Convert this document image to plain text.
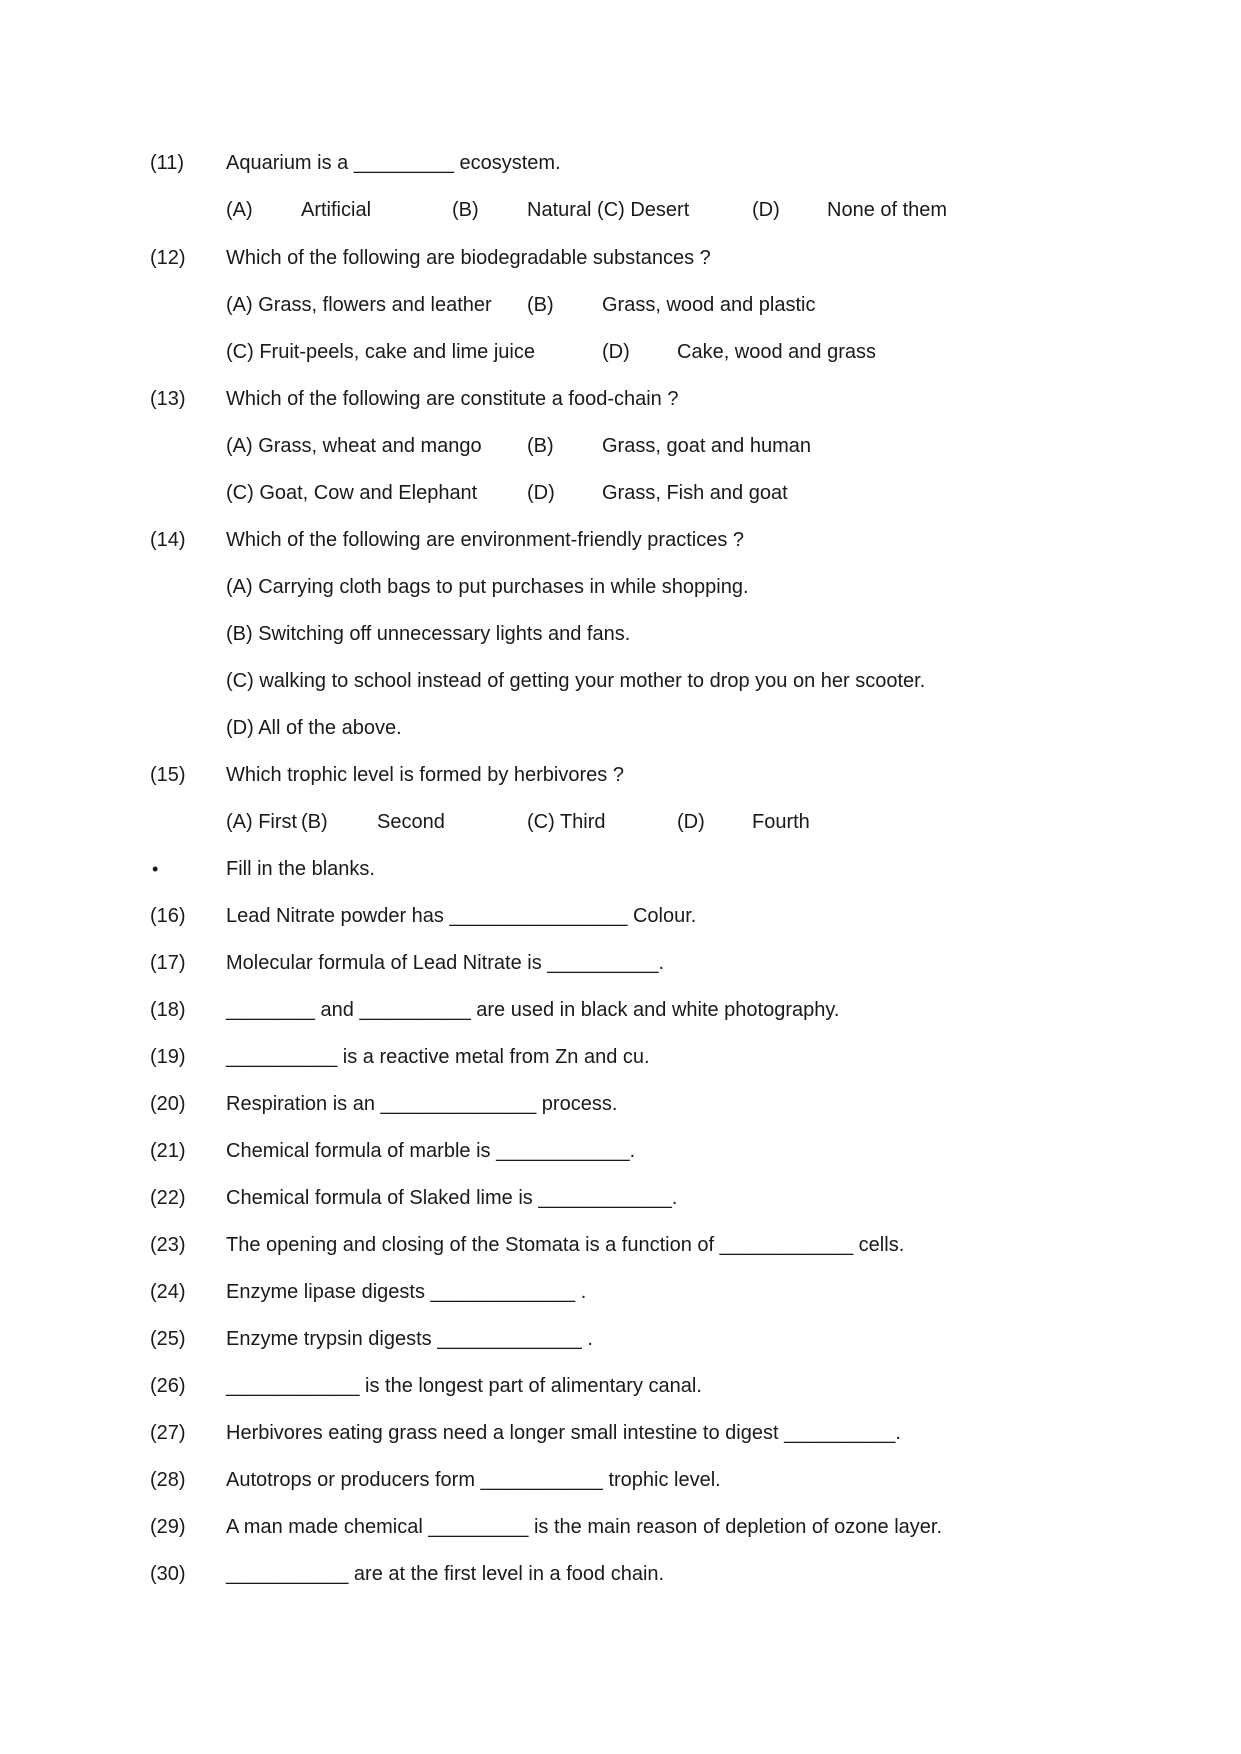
(11) Aquarium is a _________ ecosystem.
(A) Artificial	(B) Natural (C) Desert	(D) None of them
(12) Which of the following are biodegradable substances ?
(A) Grass, flowers and leather (B) Grass, wood and plastic
(C) Fruit-peels, cake and lime juice	(D) Cake, wood and grass
(13) Which of the following are constitute a food-chain ?
(A) Grass, wheat and mango (B) Grass, goat and human
(C) Goat, Cow and Elephant (D) Grass, Fish and goat
(14) Which of the following are environment-friendly practices ?
(A) Carrying cloth bags to put purchases in while shopping.
(B) Switching off unnecessary lights and fans.
(C) walking to school instead of getting your mother to drop you on her scooter.
(D) All of the above.
(15) Which trophic level is formed by herbivores ?
(A) First (B) Second	(C) Third	(D) Fourth
•	Fill in the blanks.
(16) Lead Nitrate powder has ________________ Colour.
(17) Molecular formula of Lead Nitrate is __________.
(18) ________ and __________ are used in black and white photography.
(19) __________ is a reactive metal from Zn and cu.
(20) Respiration is an ______________ process.
(21) Chemical formula of marble is ____________.
(22) Chemical formula of Slaked lime is ____________.
(23) The opening and closing of the Stomata is a function of ____________ cells.
(24) Enzyme lipase digests _____________ .
(25) Enzyme trypsin digests _____________ .
(26) ____________ is the longest part of alimentary canal.
(27) Herbivores eating grass need a longer small intestine to digest __________.
(28) Autotrops or producers form ___________ trophic level.
(29) A man made chemical _________ is the main reason of depletion of ozone layer.
(30) ___________ are at the first level in a food chain.
